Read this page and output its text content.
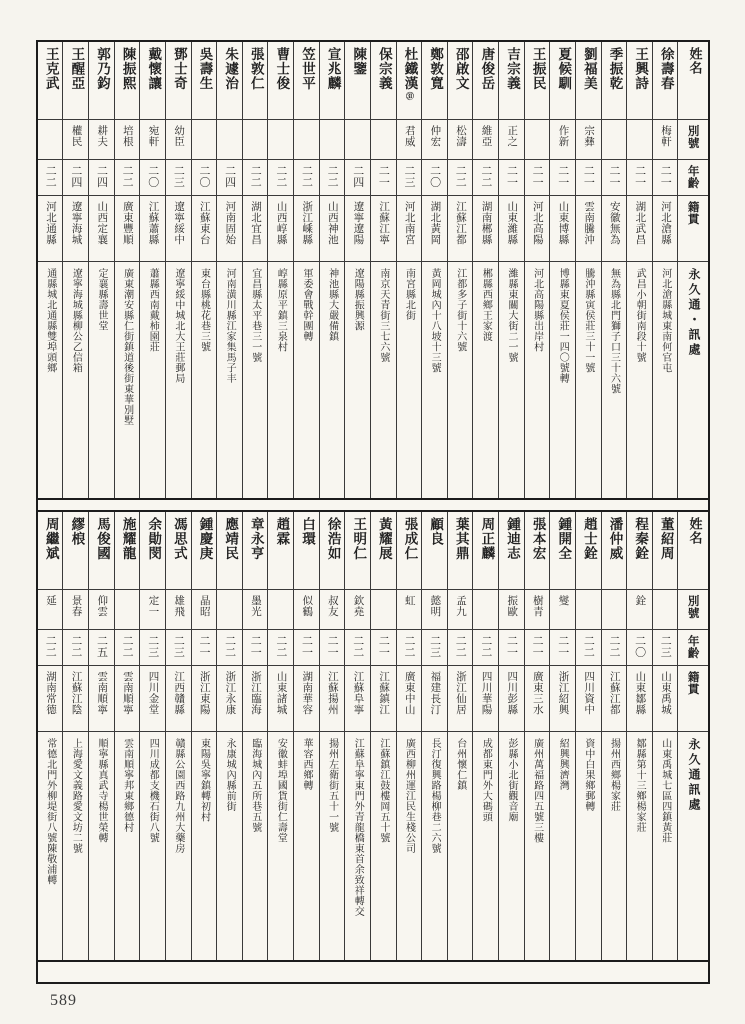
姓名
別號
年齡
籍貫
永久通・訊處
徐壽春
梅軒
二一
河北滄縣
河北滄縣城東南何官屯
王興詩
二一
湖北武昌
武昌小朝街南段十號
季振乾
二一
安徽無為
無為縣北門獅子口三十六號
劉福美
宗彝
二一
雲南騰沖
騰沖縣寅侯莊三十一號
夏候馴
作新
二一
山東博縣
博縣東夏侯莊一四〇號轉
王振民
二一
河北高陽
河北高陽縣出岸村
吉宗義
正之
二一
山東濰縣
濰縣東關大街二一號
唐俊岳
維亞
二二
湖南郴縣
郴縣西鄉王家渡
邵啟文
松濤
二二
江蘇江都
江都多子街十六號
鄭敦寬
仲宏
二〇
湖北黃岡
黃岡城內十八坡十三號
杜鐵漢
㉛
君威
二三
河北南宮
南宮縣北街
保宗義
二一
江蘇江寧
南京天青街三七六號
陳鑒
二四
遼寧遼陽
遼陽縣振興源
宣兆麟
二二
山西神池
神池縣大嚴備鎮
笠世平
二二
浙江嵊縣
軍委會戰幹團轉
曹士俊
二二
山西崞縣
崞縣原平鎮三泉村
張敦仁
二二
湖北宜昌
宜昌縣太平巷三一號
朱遽治
二四
河南固始
河南潢川縣江家集馬子丰
吳壽生
二〇
江蘇東台
東台縣桃花巷三號
鄧士奇
幼臣
二三
遼寧綏中
遼寧綏中城北大王莊郵局
戴懷讓
宛軒
二〇
江蘇蕭縣
蕭縣西南戴柿園莊
陳振熙
培根
二二
廣東豐順
廣東潮安縣仁街鎮道後街東華別墅
郭乃鈞
耕夫
二四
山西定襄
定襄縣壽世堂
王醒亞
權民
二四
遼寧海城
遼寧海城縣柳公乙信箱
王克武
二二
河北通縣
通縣城北通縣雙埠頭鄉
姓名
別號
年齡
籍貫
永久通訊處
董紹周
二三
山東禹城
山東禹城七區四鎮黃莊
程秦銓
銓
二〇
山東鄒縣
鄒縣第十三鄉楊家莊
潘仲威
二二
江蘇江都
揚州西鄉楊家莊
趙士銓
二二
四川資中
資中白果鄉郵轉
鍾開全
燮
二一
浙江紹興
紹興興濟灣
張本宏
樹青
二一
廣東三水
廣州萬福路四五號三樓
鍾迪志
振歐
二一
四川彭縣
彭縣小北街觀音廟
周正麟
二二
四川華陽
成都東門外大碼頭
葉其鼎
孟九
二二
浙江仙居
台州懷仁鎮
顧良
懿明
二三
福建長汀
長汀復興路楊柳巷二六號
張成仁
虹
二二
廣東中山
廣西柳州運江民生棧公司
黃耀展
二一
江蘇鎮江
江蘇鎮江鼓樓岡五十號
王明仁
欽堯
二二
江蘇阜寧
江蘇阜寧東門外青龍橋東首余致祥轉交
徐浩如
叔友
二一
江蘇揚州
揚州左衛街五十一號
白環
似鶴
二一
湖南華容
華容西鄉轉
趙霖
二二
山東諸城
安徽蚌埠國貨街仁壽堂
章永亨
墨光
二一
浙江臨海
臨海城內五所巷五號
應靖民
二二
浙江永康
永康城內縣前街
鍾慶庚
晶昭
二一
浙江東陽
東陽吳寧鎮轉初村
馮思式
雄飛
二三
江西贛縣
贛縣公園西路九州大藥房
余勛閔
定一
二三
四川金堂
四川成都支機石街八號
施耀龍
二二
雲南順寧
雲南順寧邦東鄉德村
馬俊國
仰雲
二五
雲南順寧
順寧縣真武寺楊世榮轉
繆桹
景春
二二
江蘇江陰
上海愛文義路愛文坊二號
周繼斌
延
二二
湖南常德
常德北門外柳堤街八號陳敬浦轉
589
